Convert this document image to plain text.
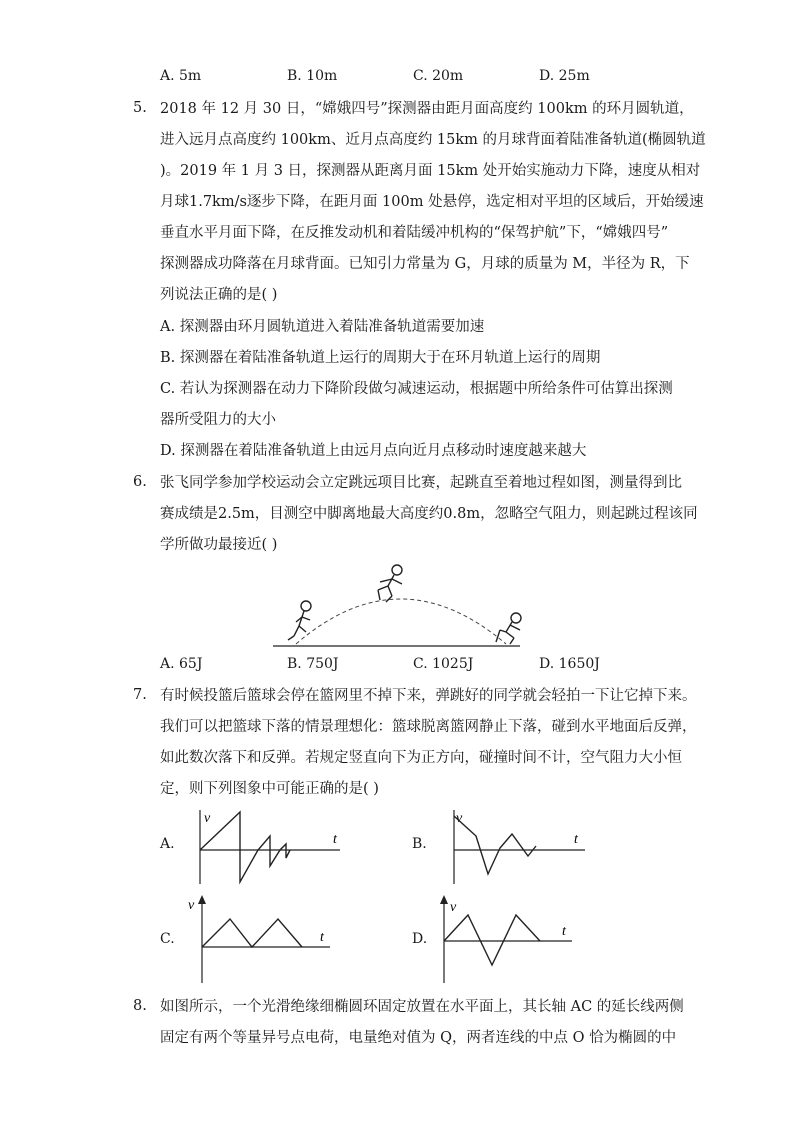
A. 5m	B. 10m	C. 20m	D. 25m
5. 2018 年 12 月 30 日，“嫦娥四号”探测器由距月面高度约 100km 的环月圆轨道，
进入远月点高度约 100km、近月点高度约 15km 的月球背面着陆准备轨道(椭圆轨道
)。2019 年 1 月 3 日，探测器从距离月面 15km 处开始实施动力下降，速度从相对
月球1.7km/s逐步下降，在距月面 100m 处悬停，选定相对平坦的区域后，开始缓速
垂直水平月面下降，在反推发动机和着陆缓冲机构的“保驾护航”下，“嫦娥四号”
探测器成功降落在月球背面。已知引力常量为 G，月球的质量为 M，半径为 R，下
列说法正确的是( )
A. 探测器由环月圆轨道进入着陆准备轨道需要加速
B. 探测器在着陆准备轨道上运行的周期大于在环月轨道上运行的周期
C. 若认为探测器在动力下降阶段做匀减速运动，根据题中所给条件可估算出探测
器所受阻力的大小
D. 探测器在着陆准备轨道上由远月点向近月点移动时速度越来越大
6. 张飞同学参加学校运动会立定跳远项目比赛，起跳直至着地过程如图，测量得到比
赛成绩是2.5m，目测空中脚离地最大高度约0.8m，忽略空气阻力，则起跳过程该同
学所做功最接近( )
A. 65J	B. 750J	C. 1025J	D. 1650J
7. 有时候投篮后篮球会停在篮网里不掉下来，弹跳好的同学就会轻拍一下让它掉下来。
我们可以把篮球下落的情景理想化：篮球脱离篮网静止下落，碰到水平地面后反弹，
如此数次落下和反弹。若规定竖直向下为正方向，碰撞时间不计，空气阻力大小恒
定，则下列图象中可能正确的是( )
A.
v
t	B.
v
t
C.
v
t	D.
v
t
8. 如图所示，一个光滑绝缘细椭圆环固定放置在水平面上，其长轴 AC 的延长线两侧
固定有两个等量异号点电荷，电量绝对值为 Q，两者连线的中点 O 恰为椭圆的中
